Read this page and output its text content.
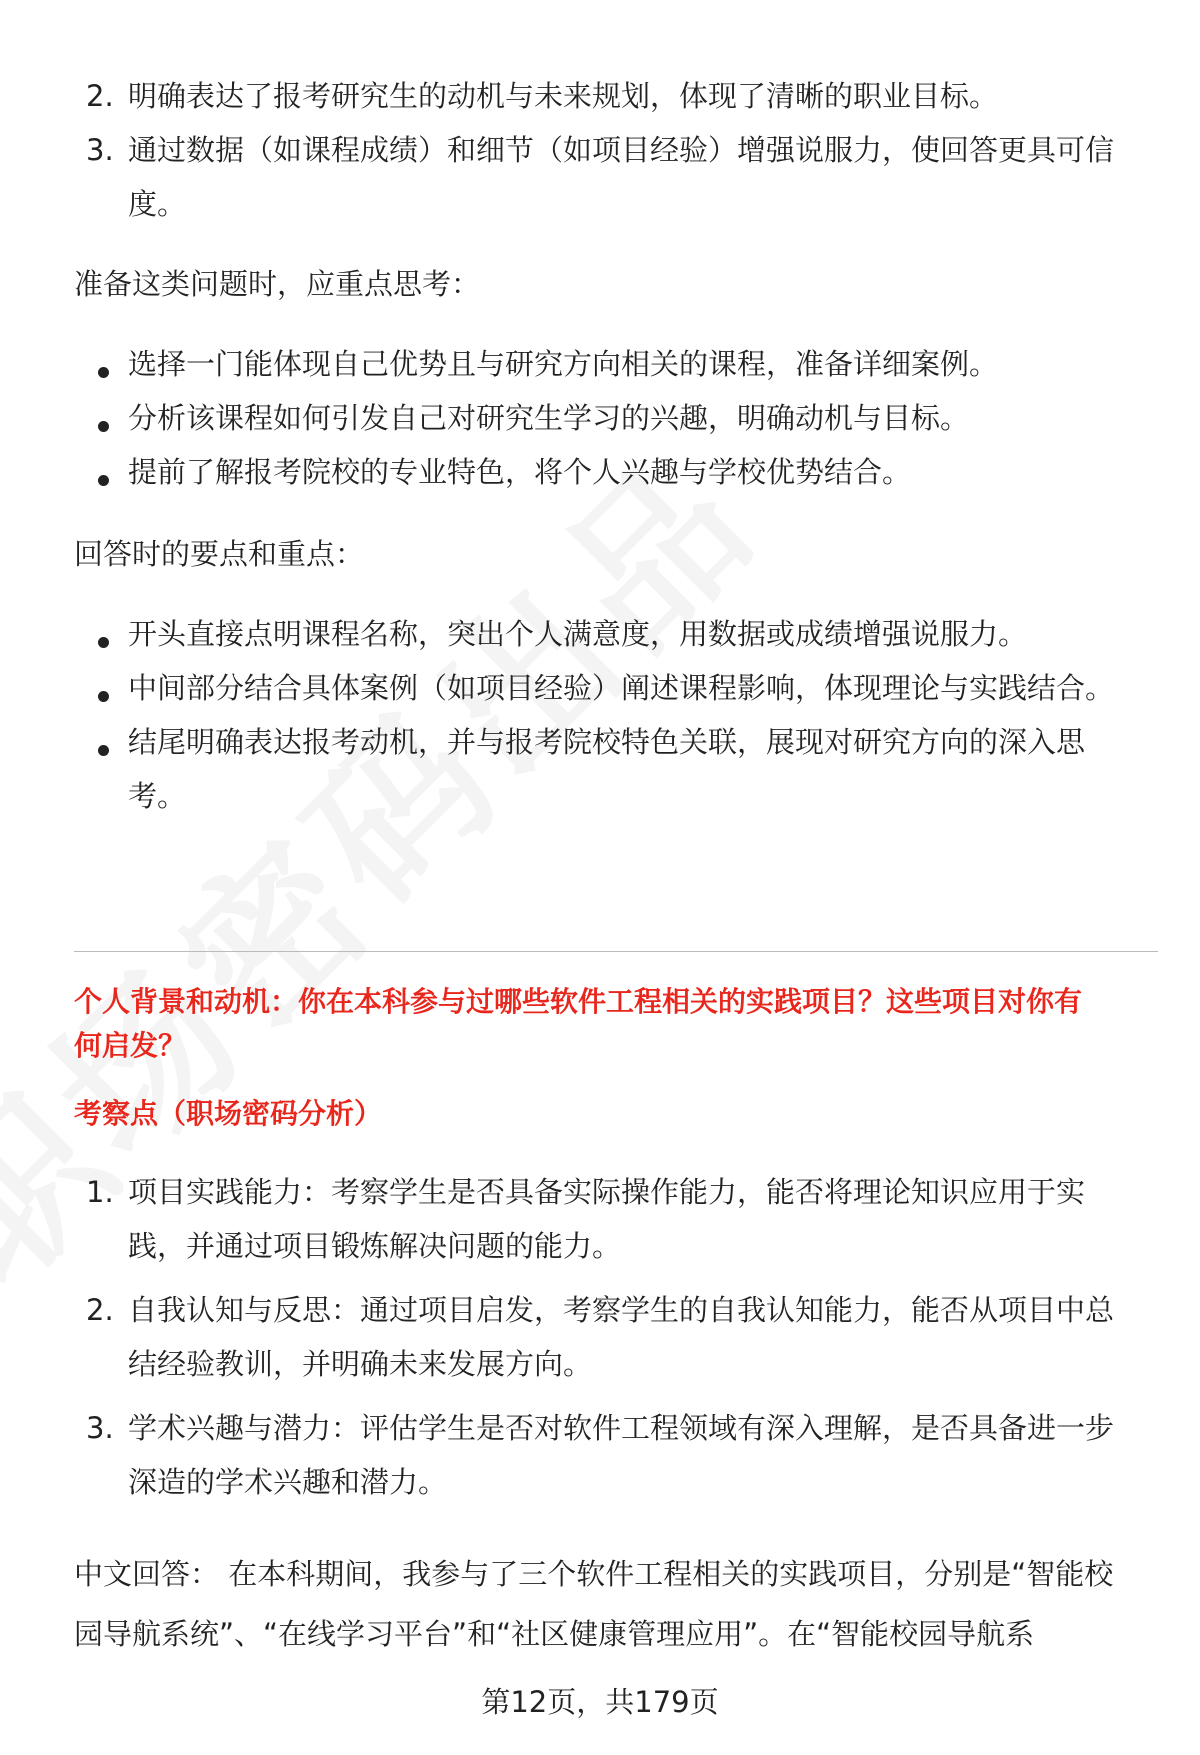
2. 明确表达了报考研究生的动机与未来规划，体现了清晰的职业目标。
3. 通过数据（如课程成绩）和细节（如项目经验）增强说服力，使回答更具可信
度。
准备这类问题时，应重点思考：
选择一门能体现自己优势且与研究方向相关的课程，准备详细案例。
分析该课程如何引发自己对研究生学习的兴趣，明确动机与目标。
提前了解报考院校的专业特色，将个人兴趣与学校优势结合。
回答时的要点和重点：
开头直接点明课程名称，突出个人满意度，用数据或成绩增强说服力。
中间部分结合具体案例（如项目经验）阐述课程影响，体现理论与实践结合。
结尾明确表达报考动机，并与报考院校特色关联，展现对研究方向的深入思
考。
个人背景和动机：你在本科参与过哪些软件工程相关的实践项目？这些项目对你有
何启发？
考察点（职场密码分析）
1. 项目实践能力：考察学生是否具备实际操作能力，能否将理论知识应用于实
践，并通过项目锻炼解决问题的能力。
2. 自我认知与反思：通过项目启发，考察学生的自我认知能力，能否从项目中总
结经验教训，并明确未来发展方向。
3. 学术兴趣与潜力：评估学生是否对软件工程领域有深入理解，是否具备进一步
深造的学术兴趣和潜力。
中文回答： 在本科期间，我参与了三个软件工程相关的实践项目，分别是“智能校
园导航系统”、“在线学习平台”和“社区健康管理应用”。在“智能校园导航系
第12页，共179页
